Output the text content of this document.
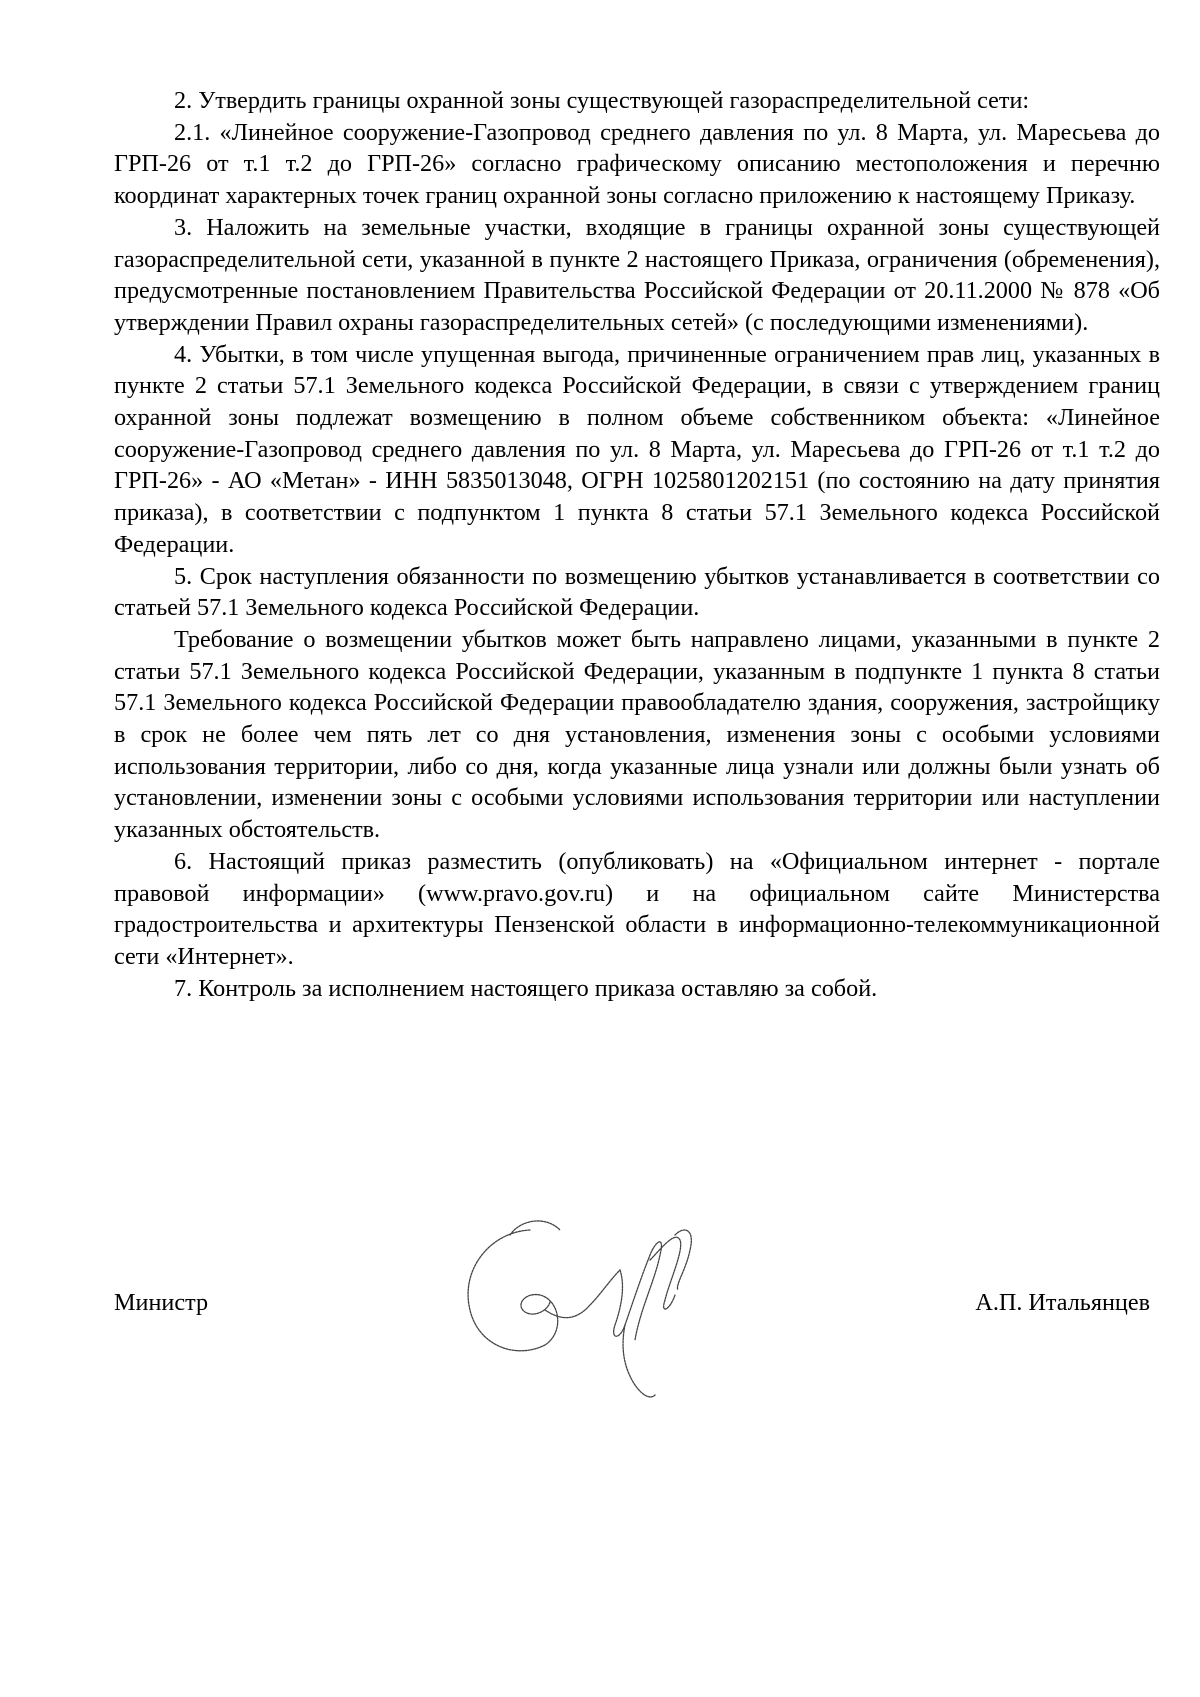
2. Утвердить границы охранной зоны существующей газораспределительной сети:

2.1. «Линейное сооружение-Газопровод среднего давления по ул. 8 Марта, ул. Маресьева до ГРП-26 от т.1 т.2 до ГРП-26» согласно графическому описанию местоположения и перечню координат характерных точек границ охранной зоны согласно приложению к настоящему Приказу.

3. Наложить на земельные участки, входящие в границы охранной зоны существующей газораспределительной сети, указанной в пункте 2 настоящего Приказа, ограничения (обременения), предусмотренные постановлением Правительства Российской Федерации от 20.11.2000 № 878 «Об утверждении Правил охраны газораспределительных сетей» (с последующими изменениями).

4. Убытки, в том числе упущенная выгода, причиненные ограничением прав лиц, указанных в пункте 2 статьи 57.1 Земельного кодекса Российской Федерации, в связи с утверждением границ охранной зоны подлежат возмещению в полном объеме собственником объекта: «Линейное сооружение-Газопровод среднего давления по ул. 8 Марта, ул. Маресьева до ГРП-26 от т.1 т.2 до ГРП-26» - АО «Метан» - ИНН 5835013048, ОГРН 1025801202151 (по состоянию на дату принятия приказа), в соответствии с подпунктом 1 пункта 8 статьи 57.1 Земельного кодекса Российской Федерации.

5. Срок наступления обязанности по возмещению убытков устанавливается в соответствии со статьей 57.1 Земельного кодекса Российской Федерации.

Требование о возмещении убытков может быть направлено лицами, указанными в пункте 2 статьи 57.1 Земельного кодекса Российской Федерации, указанным в подпункте 1 пункта 8 статьи 57.1 Земельного кодекса Российской Федерации правообладателю здания, сооружения, застройщику в срок не более чем пять лет со дня установления, изменения зоны с особыми условиями использования территории, либо со дня, когда указанные лица узнали или должны были узнать об установлении, изменении зоны с особыми условиями использования территории или наступлении указанных обстоятельств.

6. Настоящий приказ разместить (опубликовать) на «Официальном интернет - портале правовой информации» (www.pravo.gov.ru) и на официальном сайте Министерства градостроительства и архитектуры Пензенской области в информационно-телекоммуникационной сети «Интернет».

7. Контроль за исполнением настоящего приказа оставляю за собой.

Министр	А.П. Итальянцев
